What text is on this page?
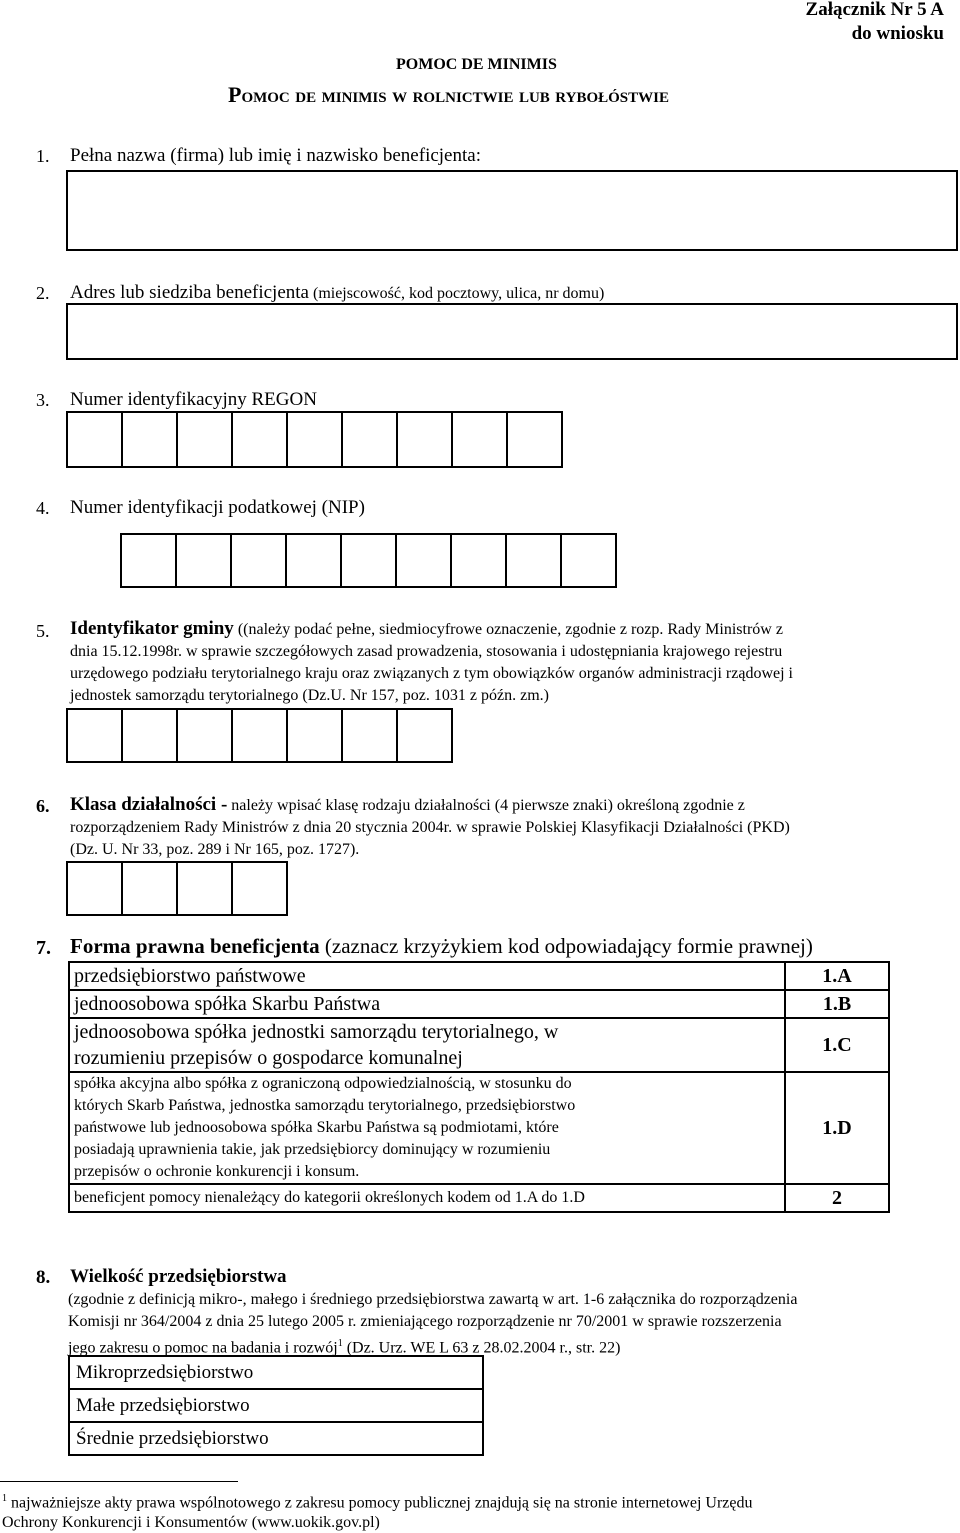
Załącznik Nr 5 A
do wniosku
POMOC DE MINIMIS
Pomoc de minimis w rolnictwie lub rybołóstwie
1. Pełna nazwa (firma) lub imię i nazwisko beneficjenta:
2. Adres lub siedziba beneficjenta (miejscowość, kod pocztowy, ulica, nr domu)
3. Numer identyfikacyjny REGON
4. Numer identyfikacji podatkowej (NIP)
5. Identyfikator gminy ((należy podać pełne, siedmiocyfrowe oznaczenie, zgodnie z rozp. Rady Ministrów z
dnia 15.12.1998r. w sprawie szczegółowych zasad prowadzenia, stosowania i udostępniania krajowego rejestru
urzędowego podziału terytorialnego kraju oraz związanych z tym obowiązków organów administracji rządowej i
jednostek samorządu terytorialnego (Dz.U. Nr 157, poz. 1031 z późn. zm.)
6. Klasa działalności - należy wpisać klasę rodzaju działalności (4 pierwsze znaki) określoną zgodnie z
rozporządzeniem Rady Ministrów z dnia 20 stycznia 2004r. w sprawie Polskiej Klasyfikacji Działalności (PKD)
(Dz. U. Nr 33, poz. 289 i Nr 165, poz. 1727).
7. Forma prawna beneficjenta (zaznacz krzyżykiem kod odpowiadający formie prawnej)
przedsiębiorstwo państwowe	1.A
jednoosobowa spółka Skarbu Państwa	1.B

jednoosobowa spółka jednostki samorządu terytorialnego, w
rozumieniu przepisów o gospodarce komunalnej	1.C

spółka akcyjna albo spółka z ograniczoną odpowiedzialnością, w stosunku do
których Skarb Państwa, jednostka samorządu terytorialnego, przedsiębiorstwo
państwowe lub jednoosobowa spółka Skarbu Państwa są podmiotami, które
posiadają uprawnienia takie, jak przedsiębiorcy dominujący w rozumieniu
przepisów o ochronie konkurencji i konsum.	1.D
beneficjent pomocy nienależący do kategorii określonych kodem od 1.A do 1.D	2
8. Wielkość przedsiębiorstwa
(zgodnie z definicją mikro-, małego i średniego przedsiębiorstwa zawartą w art. 1-6 załącznika do rozporządzenia
Komisji nr 364/2004 z dnia 25 lutego 2005 r. zmieniającego rozporządzenie nr 70/2001 w sprawie rozszerzenia
jego zakresu o pomoc na badania i rozwój$^1$ (Dz. Urz. WE L 63 z 28.02.2004 r., str. 22)
Mikroprzedsiębiorstwo
Małe przedsiębiorstwo
Średnie przedsiębiorstwo
$^1$ najważniejsze akty prawa wspólnotowego z zakresu pomocy publicznej znajdują się na stronie internetowej Urzędu
Ochrony Konkurencji i Konsumentów (www.uokik.gov.pl)
